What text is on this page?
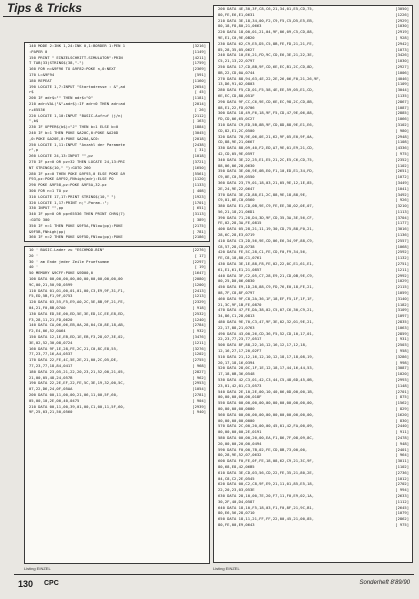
Tips & Tricks
140 MODE 2:INK 1,24:INK 0,1:BORDER 1:PEN 1	[3216]
:PAPER 0	[1149]
150 PRINT " EINZELSCHRITT-SIMULATOR":PRIN	[4211]
T TAB(33)STRING$(38,"-")	[1759]
160 FOR n=&9F96 TO &9F82:POKE n,0:NEXT	[2369]
170 L=&9F94	[591]
180 REPEAT	[1160]
190 LOCATE 1,7:INPUT "Startadresse : &",ad	[2654]
r$	[ 45]
200 IF adr$="" THEN adr$="0"	[1181]
210 adr=VAL("&"+adr$):IF adr<0 THEN adr=ad	[2014]
r+65536	[ 26]
220 LOCATE 1,10:INPUT "BASIC-Aufruf (j/n)	[2112]
",b$	[ 163]
230 IF UPPER$(b$)="J" THEN b=1 ELSE b=0	[1884]
240 IF b=1 THEN POKE &A20C,0:POKE &A20D	[3045]
,0:POKE &A20E,0:POKE &A20A,&C0:	[2018]
250 LOCATE 1,11:INPUT "Anzahl der Paramete	[2438]
r",p	[ 31]
260 LOCATE 24,13:INPUT "",pz	[1018]
270 IF pz<0 OR pz>32 THEN LOCATE 24,13:PRI	[3721]
NT STRING$(10," "):GOTO 260	[1650]
280 IF pz=0 THEN POKE &9F93,0 ELSE POKE &9	[5561]
F93,pz:POKE &9F92,FNhigh(adr):ELSE PO	[1120]
290 POKE &9F58,pz:POKE &9F5A,32-pz	[1133]
300 FOR n=1 TO pz	[ 408]
310 LOCATE 17,17:PRINT STRING$(10," ")	[1923]
320 LOCATE 1,17:PRINT n;".Param.:";	[1701]
330 INPUT "",pp	[ 651]
340 IF pp<0 OR pp>65536 THEN PRINT CHR$(7)	[3113]
:GOTO 300	[ 389]
350 IF n=1 THEN POKE &9F5A,FNlow(pp):POKE	[2175]
&9F5B,FNhigh(pp)	[ 781]
360 IF n=2 THEN POKE &9F5D,FNlow(pp):POKE	[2186]
10 ' BASIC-Lader zu "ESCHMOD.BIN"	[2276]
20 '	[ 17]
30 ' am Ende jeder Zeile Pruefsumme	[2297]
40 '	[ 19]
50 MEMORY &9CFF:POKE &9D00,0	[1647]
100 DATA 00,00,00,00,00,00,00,00,00,00,00	[2080]
9C,00,21,50,9D,0599	[1200]
110 DATA 01,01,00,01,01,00,C3,E9,9F,31,F1,	[2413]
F5,ED,5B,F1,9F,0753	[1213]
120 DATA 03,55,F5,E9,A0,2C,5E,8B,9F,21,FE,	[2329]
04,21,F0,8B,07A0	[ 918]
130 DATA ED,5E,00,ED,5E,3E,ED,1C,EE,E8,ED,	[2532]
F3,28,11,21,FD,0620	[1240]
140 DATA CA,06,06,EB,0A,28,04,C0,8E,18,AB,	[2784]
F2,E4,06,52,0A64	[ 932]
150 DATA 12,1E,EB,ED,1E,EB,F3,28,07,3E,02,	[3476]
3E,02,52,30,08,0724	[1211]
160 DATA 9F,1E,28,FE,2C,21,C0,8C,E8,55,	[3276]
77,23,77,16,A4,0537	[1202]
170 DATA 22,FE,4C,5E,2E,21,00,2C,05,DE,	[2755]
77,23,77,18,84,0417	[ 968]
180 DATA 23,05,21,22,20,23,21,52,00,21,05,	[2827]
21,00,05,48,24,057B	[ 962]
190 DATA 22,2E,EF,22,FE,5C,3E,19,32,00,5C,	[2953]
07,22,D6,24,0F,05AA	[1054]
200 DATA 00,11,00,00,21,06,11,00,5F,60,	[2781]
05,00,10,2E,00,40,0475	[ 904]
210 DATA 00,11,00,39,01,00,C1,00,11,5F,60,	[2939]
9F,25,03,21,50,0560	[ 940]
200 DATA 4E,30,3F,C8,C6,21,34,01,E5,CD,75,	[3050]
80,FE,E6,E1,0631	[1226]
210 DATA 3E,18,34,00,F2,C9,F5,C5,D5,E5,EB,	[2929]
80,18,F8,80,21,0663	[1030]
220 DATA 18,00,01,21,04,9F,06,09,C5,CD,88,	[2919]
9E,E1,C0,9E,0B20	[ 928]
230 DATA 62,C9,E5,D5,C5,8B,FE,FD,21,21,FE,	[2942]
85,28,35,05,0627	[1073]
240 DATA 10,E6,21,FD,9C,CD,E6,3E,21,22,3E,	[3426]
C5,21,13,22,0797	[1030]
250 DATA 17,CD,8B,9F,CD,6E,EC,B1,2C,CD,8D,	[2927]
8B,22,CD,0A,0744	[1006]
270 DATA 88,94,63,4E,22,2E,26,06,F0,21,26,9F,	[4046]
13,D6,91,02,0803	[1109]
280 DATA F5,CD,01,F5,58,4E,EE,59,05,E1,CD,	[3044]
6E,EC,CD,88,051F	[1135]
290 DATA 9F,CC,C6,9E,CD,6E,EC,98,2C,CD,8B,	[2867]
88,E1,22,FD,0706	[1087]
300 DATA 18,49,F6,18,9F,F5,CD,47,9E,06,88,	[2885]
FD,CD,06,65,0C27	[1066]
310 DATA C9,ED,5B,8B,9F,CD,8D,88,9E,E1,E6,	[3102]
CD,82,E1,2C,0500	[ 980]
320 DATA 78,9E,06,0E,21,62,9F,05,E0,9F,0A,	[2948]
CD,88,9E,21,0667	[1108]
330 DATA 88,09,40,F2,ED,A7,9E,01,E9,21,CD,	[4336]
42,CD,05,9E,0597	[ 975]
340 DATA 3E,22,25,E1,E5,21,2C,E5,C6,CD,75,	[2352]
88,06,06,28,0630	[1102]
350 DATA 3E,00,9E,0B,E0,F1,10,ED,E1,34,FD,	[2651]
C9,0E,C0,59,0550	[1072]
360 DATA 23,79,01,18,03,21,05,9E,12,1E,85,	[3449]
2E,24,9E,22,0647	[1041]
370 DATA 3E,CD,88,E1,2C,88,9E,18,88,9E,	[3492]
C9,01,0E,C0,0560	[ 926]
380 DATA E1,CD,0B,9E,C9,FE,EE,38,02,0E,07,	[3210]
56,21,18,21,06D1	[1113]
390 DATA 71,28,D4,3D,9F,CD,35,3A,3E,56,CF,	[3704]
FE,02,28,3A,FE,0815	[1177]
400 DATA 05,28,21,11,19,30,CD,75,88,F0,21,	[3016]
28,6C,28,E3,0719	[1136]
410 DATA C3,2D,56,9E,CD,06,E6,34,9F,88,C9,	[2557]
C8,57,28,CD,0738	[1068]
420 DATA FE,5C,28,C1,FE,CD,F0,F9,34,56,	[2592]
FE,C8,18,88,C1,0761	[1132]
430 DATA 3E,1E,88,F8,FE,02,22,0C,E1,61,E1,	[2751]
61,E1,61,E1,21,0857	[1211]
440 DATA 3F,C2,05,C7,28,E9,21,CD,0B,9E,C9,	[2992]
00,25,D0,06,0830	[1029]
450 DATA E9,1D,28,88,C9,FD,76,E0,18,FE,21,	[2115]
08,7F,C8,8F,0797	[1059]
460 DATA 9F,C8,2A,36,1F,18,EF,F5,1F,1F,1F,	[3140]
21,3C,9F,1B,FE,0870	[1182]
470 DATA 47,FE,DA,38,02,C5,07,C6,30,C9,21,	[3109]
34,86,C1,28,0813	[1097]
480 DATA 9E,70,C3,47,9F,3E,02,32,01,9E,21,	[2835]
22,17,88,21,0763	[1063]
490 DATA 43,00,26,CD,36,F5,52,CD,10,17,01,	[2859]
22,23,77,23,77,0517	[ 931]
500 DATA 8F,88,22,16,12,16,12,17,12,18,	[2503]
12,16,27,17,20,02F7	[ 958]
510 DATA 21,12,16,12,10,12,18,17,18,08,19,	[3286]
20,17,18,16,0394	[ 998]
520 DATA 28,0C,1F,1E,12,18,17,44,16,44,53,	[3087]
17,18,0B,36,0548	[1020]
530 DATA 42,C3,01,42,C3,44,C5,48,6D,45,0B,	[2993]
23,01,42,01,C3,0573	[1148]
540 DATA 2E,10,2E,00,10,40,06,0D,00,00,1B,	[2701]
00,00,00,00,00,018F	[ 875]
550 DATA 00,00,00,00,00,00,00,00,00,00,00,	[1562]
00,00,00,00,0000	[ 829]
560 DATA 00,00,00,00,00,00,00,00,00,00,00,	[1620]
00,00,00,00,0000	[ 830]
570 DATA 2C,00,20,00,00,45,01,42,FA,00,09,	[2440]
00,00,00,00,2E,0191	[ 911]
580 DATA 00,00,20,00,EA,F1,86,7F,08,09,8C,	[2478]
20,00,00,20,00,0494	[ 948]
590 DATA F0,00,7B,02,FE,CD,8B,73,00,00,	[2401]
80,28,9E,52,07,0632	[ 964]
600 DATA F0,FE,0F,FE,18,08,62,C9,21,3C,9F,	[3011]
80,68,E8,42,06B5	[1102]
610 DATA 3E,CD,03,56,CD,22,FE,35,21,80,2E,	[2736]
04,C8,C2,2E,0545	[1012]
620 DATA 00,C2,C8,9F,E9,21,11,01,85,E5,18,	[2702]
22,20,23,03,053E	[ 994]
630 DATA 28,10,00,7E,20,F7,11,F0,E9,02,1A,	[2633]
30,2F,40,D4,0587	[1112]
640 DATA 18,10,F5,18,03,F1,F0,8F,21,9C,B1,	[2645]
80,E6,56,28,0710	[1079]
650 DATA 18,11,21,FF,FF,22,00,45,21,00,85,	[2862]
80,FE,00,E9,0643	[ 975]
Listing EINZEL	Listing EINZEL
130 CPC	Sonderheft 8'89/90
